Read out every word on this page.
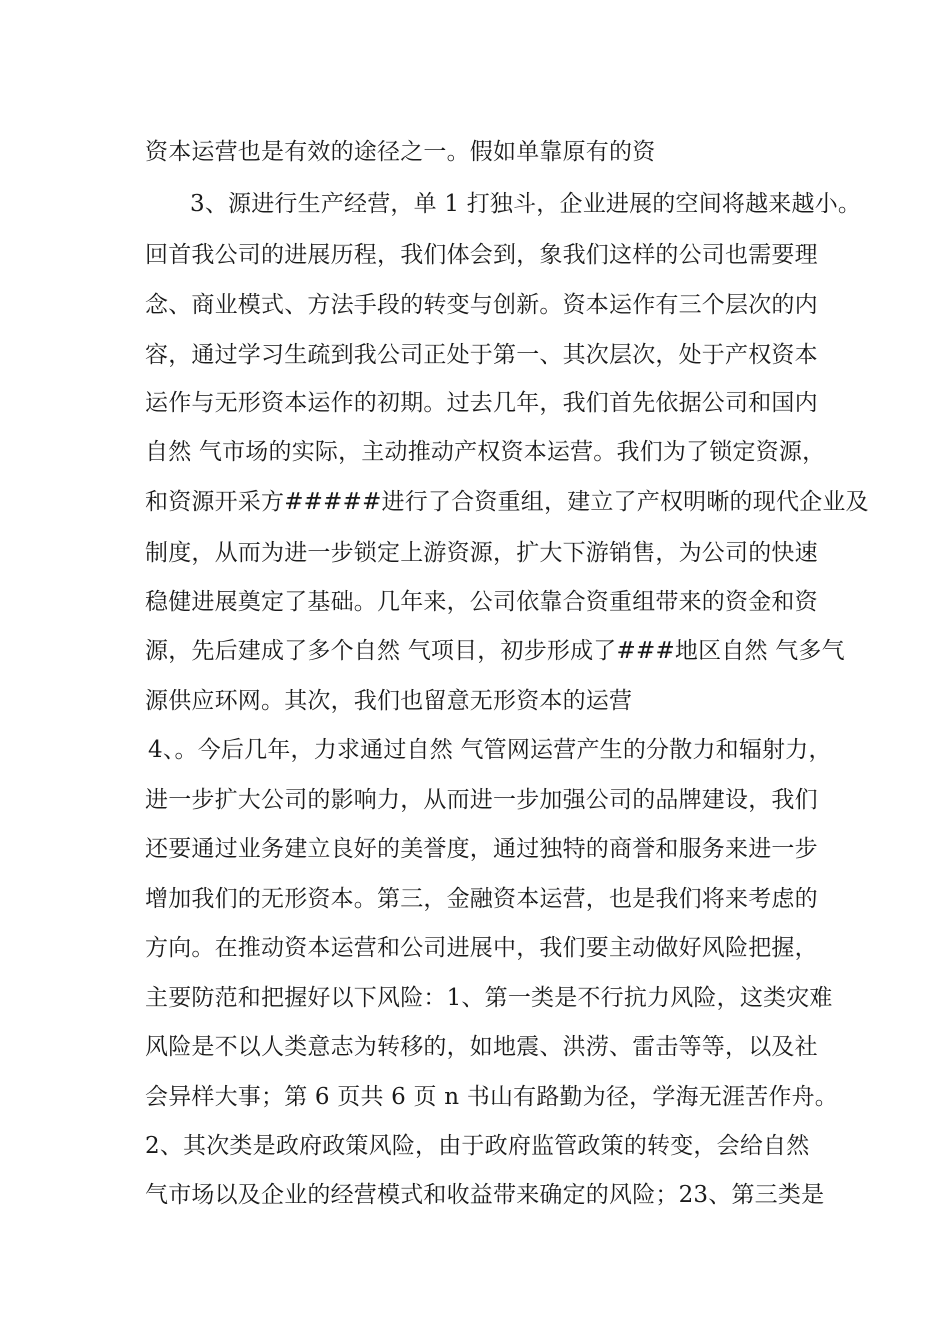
资本运营也是有效的途径之一。假如单靠原有的资
3、源进行生产经营，单 1 打独斗，企业进展的空间将越来越小。
回首我公司的进展历程，我们体会到，象我们这样的公司也需要理
念、商业模式、方法手段的转变与创新。资本运作有三个层次的内
容，通过学习生疏到我公司正处于第一、其次层次，处于产权资本
运作与无形资本运作的初期。过去几年，我们首先依据公司和国内
自然 气市场的实际，主动推动产权资本运营。我们为了锁定资源，
和资源开采方#####进行了合资重组，建立了产权明晰的现代企业及
制度，从而为进一步锁定上游资源，扩大下游销售，为公司的快速
稳健进展奠定了基础。几年来，公司依靠合资重组带来的资金和资
源，先后建成了多个自然 气项目，初步形成了###地区自然 气多气
源供应环网。其次，我们也留意无形资本的运营
4、。今后几年，力求通过自然 气管网运营产生的分散力和辐射力，
进一步扩大公司的影响力，从而进一步加强公司的品牌建设，我们
还要通过业务建立良好的美誉度，通过独特的商誉和服务来进一步
增加我们的无形资本。第三，金融资本运营，也是我们将来考虑的
方向。在推动资本运营和公司进展中，我们要主动做好风险把握，
主要防范和把握好以下风险：1、第一类是不行抗力风险，这类灾难
风险是不以人类意志为转移的，如地震、洪涝、雷击等等，以及社
会异样大事；第 6 页共 6 页 n 书山有路勤为径，学海无涯苦作舟。
2、其次类是政府政策风险，由于政府监管政策的转变，会给自然
气市场以及企业的经营模式和收益带来确定的风险；23、第三类是
